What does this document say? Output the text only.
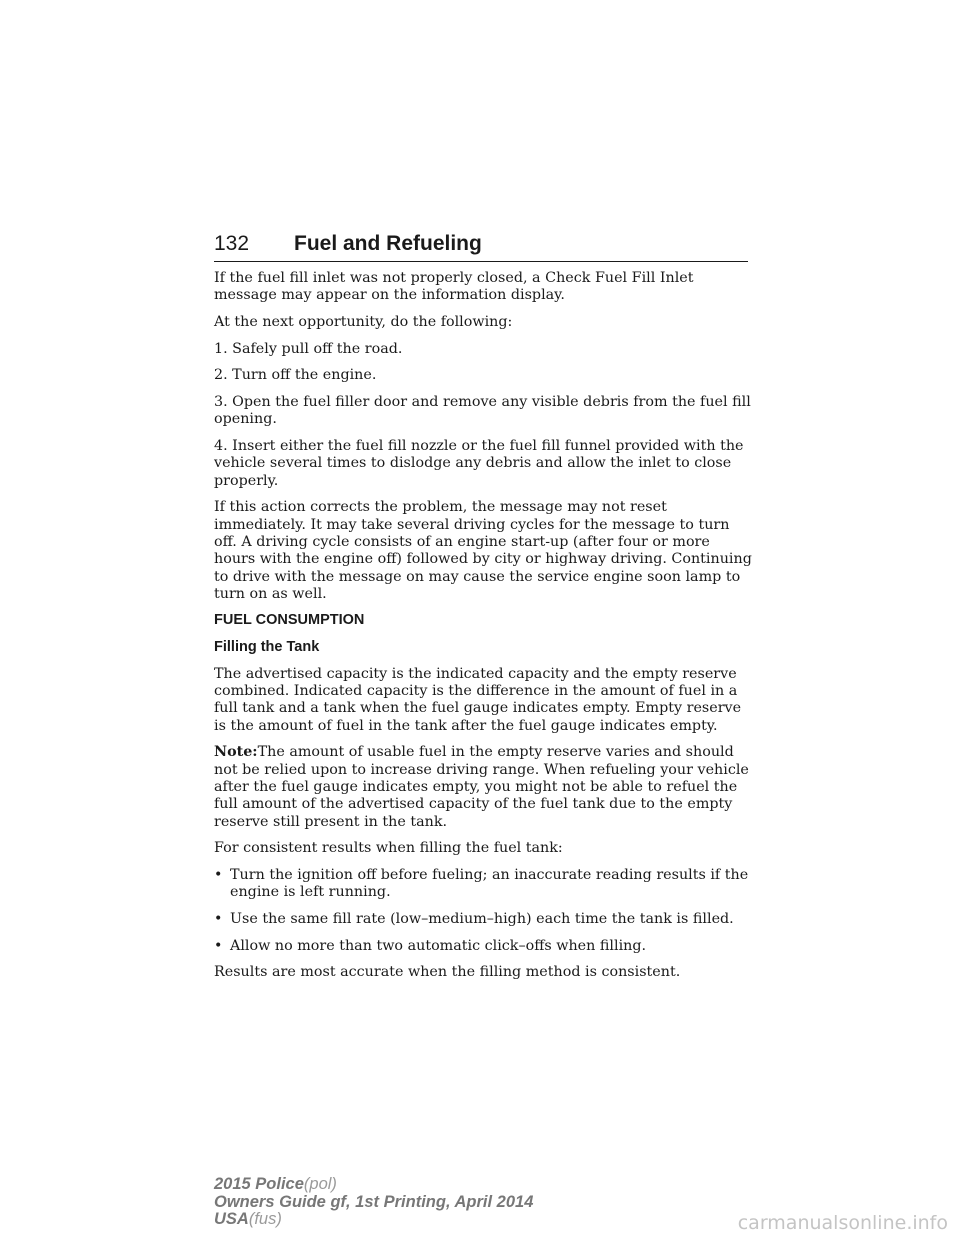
132 Fuel and Refueling

If the fuel fill inlet was not properly closed, a Check Fuel Fill Inlet message may appear on the information display.

At the next opportunity, do the following:

1. Safely pull off the road.

2. Turn off the engine.

3. Open the fuel filler door and remove any visible debris from the fuel fill opening.

4. Insert either the fuel fill nozzle or the fuel fill funnel provided with the vehicle several times to dislodge any debris and allow the inlet to close properly.

If this action corrects the problem, the message may not reset immediately. It may take several driving cycles for the message to turn off. A driving cycle consists of an engine start-up (after four or more hours with the engine off) followed by city or highway driving. Continuing to drive with the message on may cause the service engine soon lamp to turn on as well.

FUEL CONSUMPTION
Filling the Tank

The advertised capacity is the indicated capacity and the empty reserve combined. Indicated capacity is the difference in the amount of fuel in a full tank and a tank when the fuel gauge indicates empty. Empty reserve is the amount of fuel in the tank after the fuel gauge indicates empty.

Note:The amount of usable fuel in the empty reserve varies and should not be relied upon to increase driving range. When refueling your vehicle after the fuel gauge indicates empty, you might not be able to refuel the full amount of the advertised capacity of the fuel tank due to the empty reserve still present in the tank.

For consistent results when filling the fuel tank:

• Turn the ignition off before fueling; an inaccurate reading results if the engine is left running.
• Use the same fill rate (low–medium–high) each time the tank is filled.
• Allow no more than two automatic click–offs when filling.

Results are most accurate when the filling method is consistent.

2015 Police(pol)
Owners Guide gf, 1st Printing, April 2014
USA(fus)	carmanualsonline.info
